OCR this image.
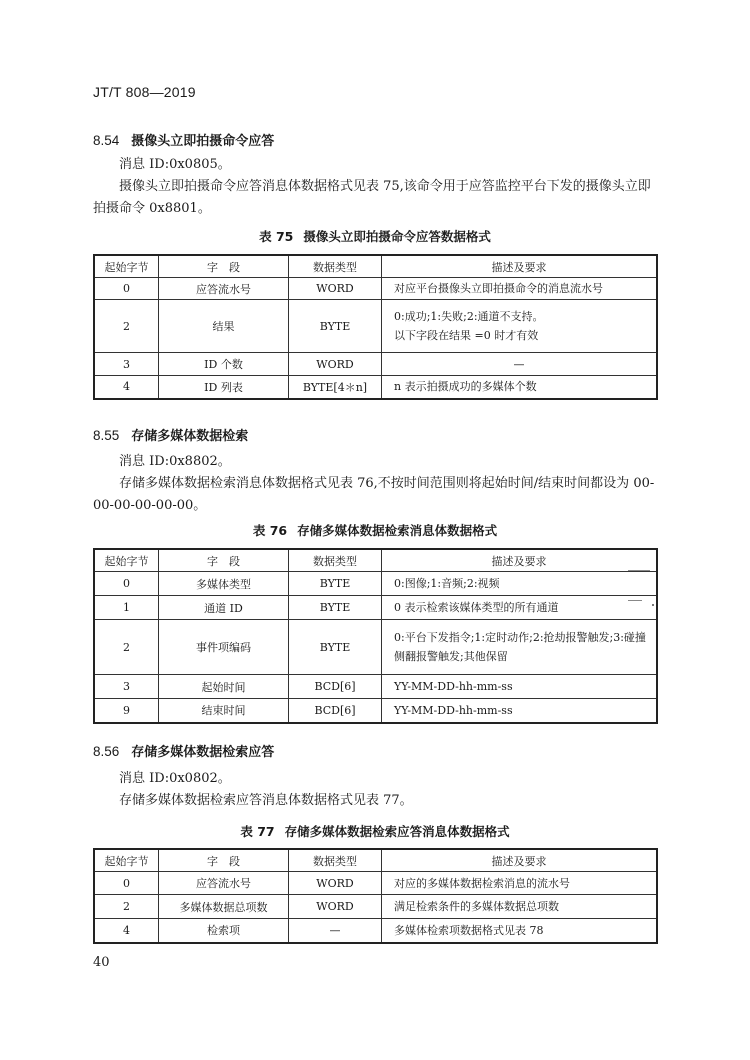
JT/T 808—2019
8.54 摄像头立即拍摄命令应答
消息 ID:0x0805。
摄像头立即拍摄命令应答消息体数据格式见表 75,该命令用于应答监控平台下发的摄像头立即拍摄命令 0x8801。
表 75 摄像头立即拍摄命令应答数据格式
起始字节	字　段	数据类型	描述及要求
0	应答流水号	WORD	对应平台摄像头立即拍摄命令的消息流水号
2	结果	BYTE	0:成功;1:失败;2:通道不支持。
以下字段在结果 =0 时才有效
3	ID 个数	WORD	—
4	ID 列表	BYTE[4＊n]	n 表示拍摄成功的多媒体个数
8.55 存储多媒体数据检索
消息 ID:0x8802。
存储多媒体数据检索消息体数据格式见表 76,不按时间范围则将起始时间/结束时间都设为 00-00-00-00-00-00。
表 76 存储多媒体数据检索消息体数据格式
起始字节	字　段	数据类型	描述及要求
0	多媒体类型	BYTE	0:图像;1:音频;2:视频
1	通道 ID	BYTE	0 表示检索该媒体类型的所有通道
2	事件项编码	BYTE	0:平台下发指令;1:定时动作;2:抢劫报警触发;3:碰撞侧翻报警触发;其他保留
3	起始时间	BCD[6]	YY-MM-DD-hh-mm-ss
9	结束时间	BCD[6]	YY-MM-DD-hh-mm-ss
8.56 存储多媒体数据检索应答
消息 ID:0x0802。
存储多媒体数据检索应答消息体数据格式见表 77。
表 77 存储多媒体数据检索应答消息体数据格式
起始字节	字　段	数据类型	描述及要求
0	应答流水号	WORD	对应的多媒体数据检索消息的流水号
2	多媒体数据总项数	WORD	满足检索条件的多媒体数据总项数
4	检索项	—	多媒体检索项数据格式见表 78
40
